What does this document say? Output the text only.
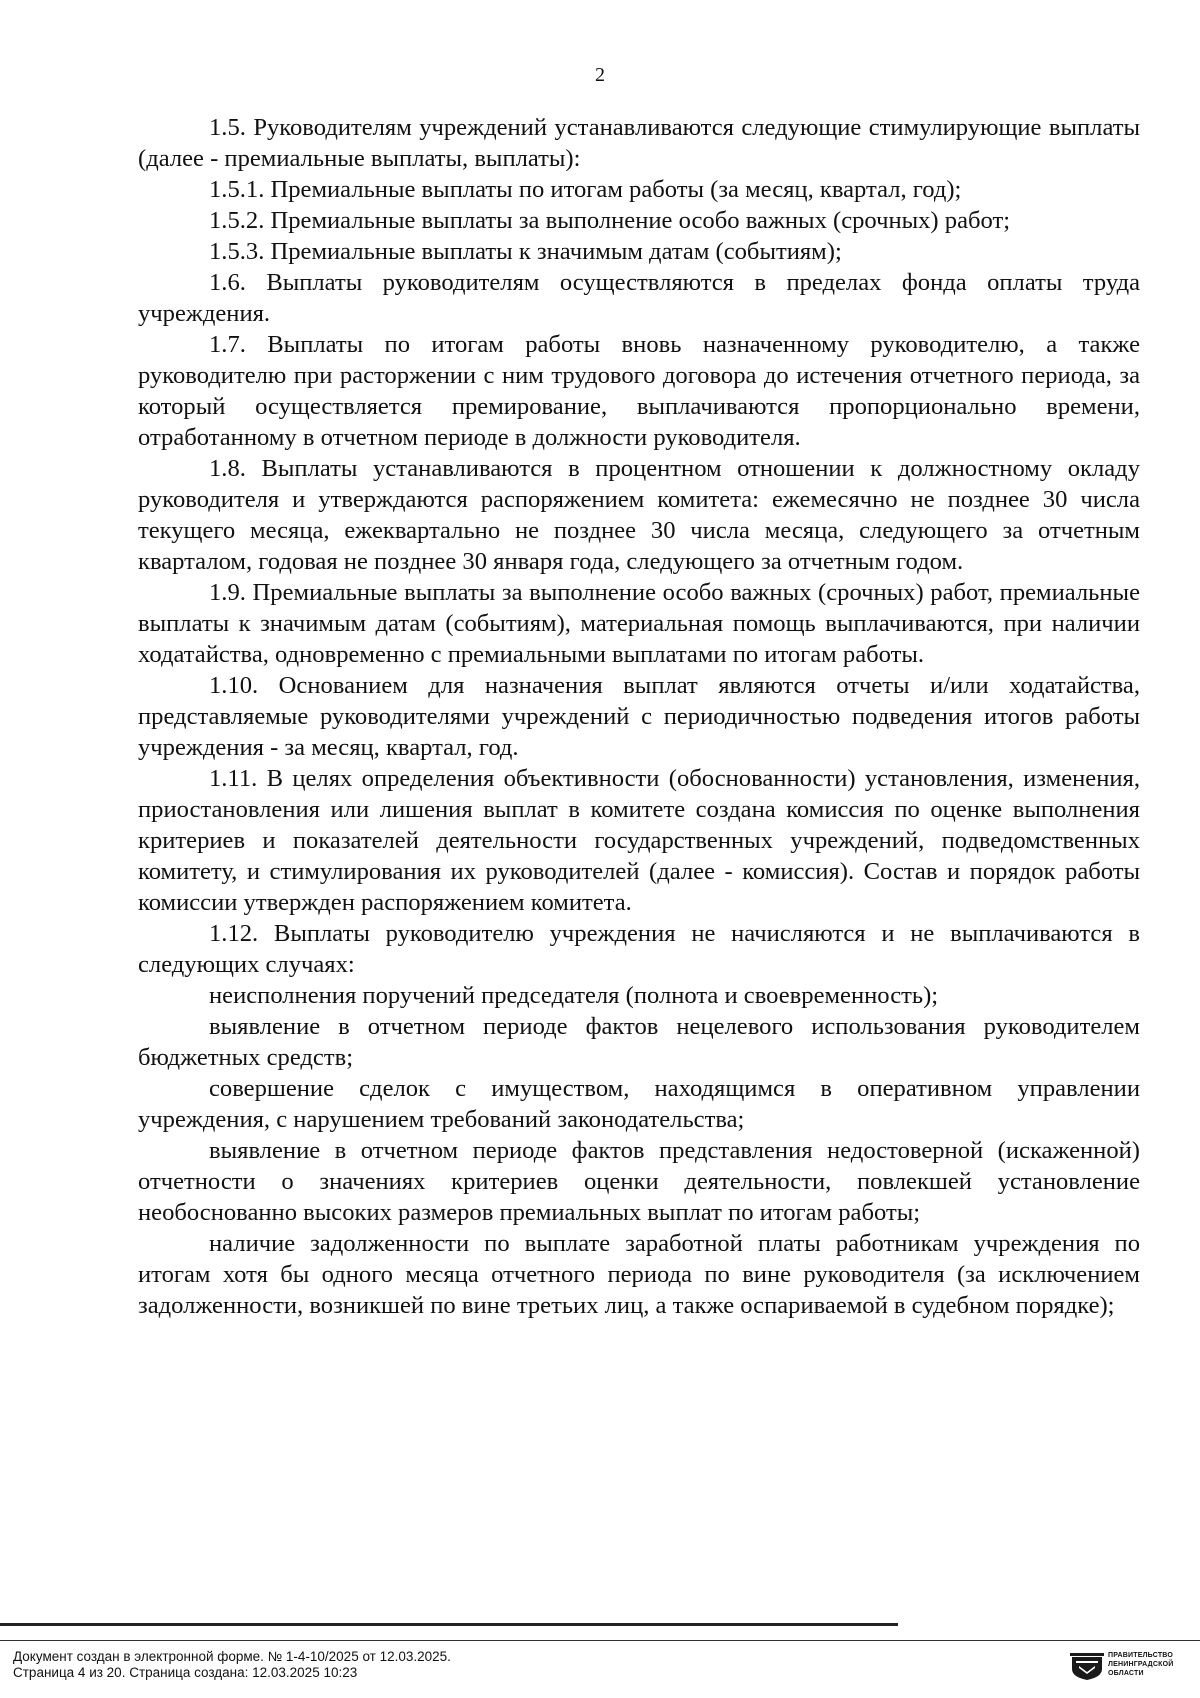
2

1.5. Руководителям учреждений устанавливаются следующие стимулирующие выплаты (далее - премиальные выплаты, выплаты):

1.5.1. Премиальные выплаты по итогам работы (за месяц, квартал, год);

1.5.2. Премиальные выплаты за выполнение особо важных (срочных) работ;

1.5.3. Премиальные выплаты к значимым датам (событиям);

1.6. Выплаты руководителям осуществляются в пределах фонда оплаты труда учреждения.

1.7. Выплаты по итогам работы вновь назначенному руководителю, а также руководителю при расторжении с ним трудового договора до истечения отчетного периода, за который осуществляется премирование, выплачиваются пропорционально времени, отработанному в отчетном периоде в должности руководителя.

1.8. Выплаты устанавливаются в процентном отношении к должностному окладу руководителя и утверждаются распоряжением комитета: ежемесячно не позднее 30 числа текущего месяца, ежеквартально не позднее 30 числа месяца, следующего за отчетным кварталом, годовая не позднее 30 января года, следующего за отчетным годом.

1.9. Премиальные выплаты за выполнение особо важных (срочных) работ, премиальные выплаты к значимым датам (событиям), материальная помощь выплачиваются, при наличии ходатайства, одновременно с премиальными выплатами по итогам работы.

1.10. Основанием для назначения выплат являются отчеты и/или ходатайства, представляемые руководителями учреждений с периодичностью подведения итогов работы учреждения - за месяц, квартал, год.

1.11. В целях определения объективности (обоснованности) установления, изменения, приостановления или лишения выплат в комитете создана комиссия по оценке выполнения критериев и показателей деятельности государственных учреждений, подведомственных комитету, и стимулирования их руководителей (далее - комиссия). Состав и порядок работы комиссии утвержден распоряжением комитета.

1.12. Выплаты руководителю учреждения не начисляются и не выплачиваются в следующих случаях:

неисполнения поручений председателя (полнота и своевременность);

выявление в отчетном периоде фактов нецелевого использования руководителем бюджетных средств;

совершение сделок с имуществом, находящимся в оперативном управлении учреждения, с нарушением требований законодательства;

выявление в отчетном периоде фактов представления недостоверной (искаженной) отчетности о значениях критериев оценки деятельности, повлекшей установление необоснованно высоких размеров премиальных выплат по итогам работы;

наличие задолженности по выплате заработной платы работникам учреждения по итогам хотя бы одного месяца отчетного периода по вине руководителя (за исключением задолженности, возникшей по вине третьих лиц, а также оспариваемой в судебном порядке);

Документ создан в электронной форме. № 1-4-10/2025 от 12.03.2025.
Страница 4 из 20. Страница создана: 12.03.2025 10:23
ПРАВИТЕЛЬСТВО
ЛЕНИНГРАДСКОЙ
ОБЛАСТИ
